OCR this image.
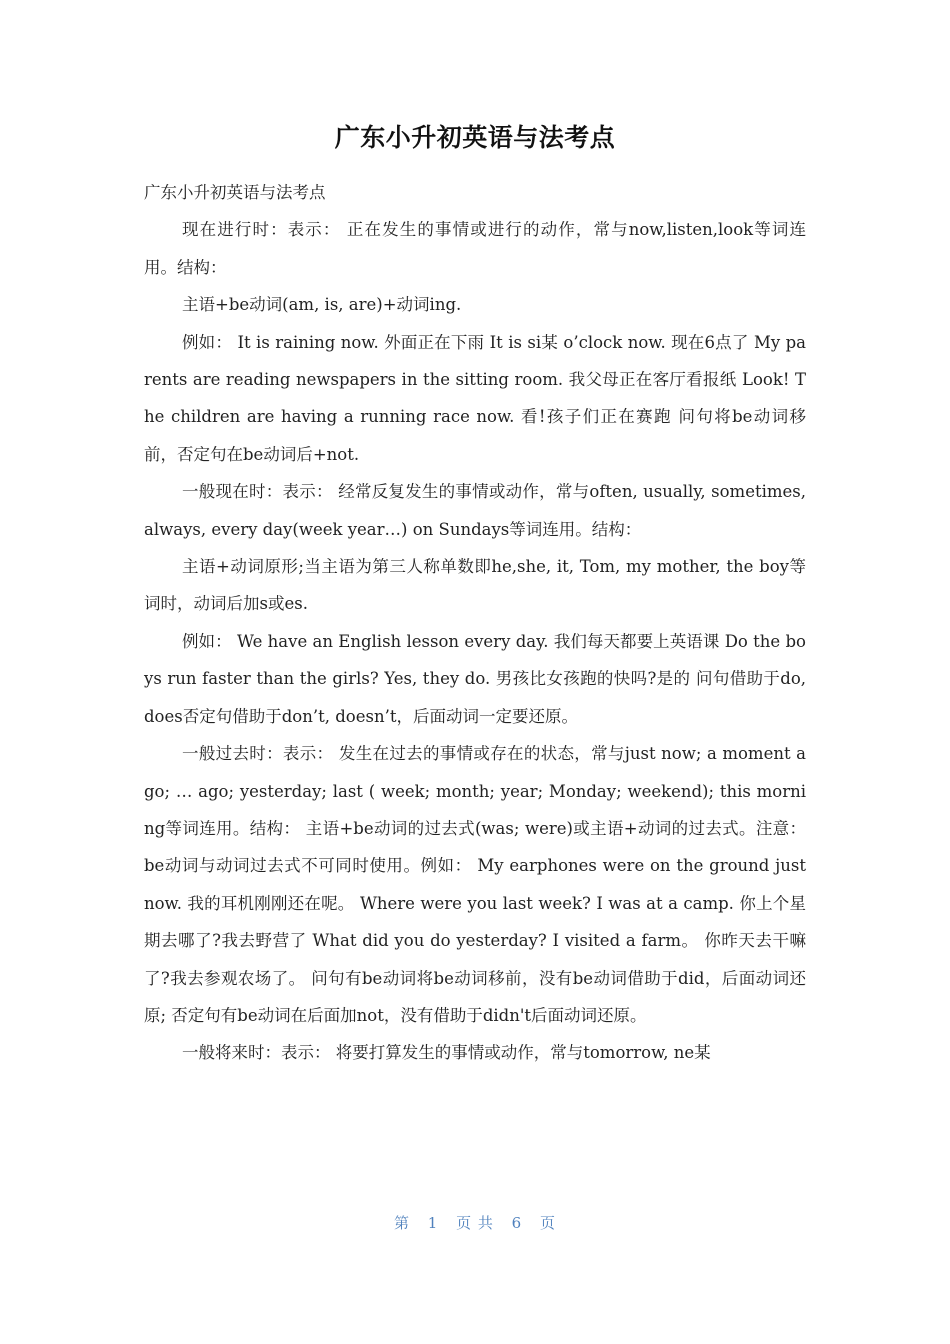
广东小升初英语与法考点

广东小升初英语与法考点

现在进行时：表示： 正在发生的事情或进行的动作，常与now,listen,look等词连用。结构：

主语+be动词(am, is, are)+动词ing.

例如： It is raining now. 外面正在下雨 It is si某 o’clock now. 现在6点了 My parents are reading newspapers in the sitting room. 我父母正在客厅看报纸 Look! The children are having a running race now. 看!孩子们正在赛跑 问句将be动词移前，否定句在be动词后+not.

一般现在时：表示： 经常反复发生的事情或动作，常与often, usually, sometimes, always, every day(week year…) on Sundays等词连用。结构：

主语+动词原形;当主语为第三人称单数即he,she, it, Tom, my mother, the boy等词时，动词后加s或es.

例如： We have an English lesson every day. 我们每天都要上英语课 Do the boys run faster than the girls? Yes, they do. 男孩比女孩跑的快吗?是的 问句借助于do, does否定句借助于don’t, doesn’t，后面动词一定要还原。

一般过去时：表示： 发生在过去的事情或存在的状态，常与just now; a moment ago; … ago; yesterday; last ( week; month; year; Monday; weekend); this morning等词连用。结构： 主语+be动词的过去式(was; were)或主语+动词的过去式。注意： be动词与动词过去式不可同时使用。例如： My earphones were on the ground just now. 我的耳机刚刚还在呢。 Where were you last week? I was at a camp. 你上个星期去哪了?我去野营了 What did you do yesterday? I visited a farm。 你昨天去干嘛了?我去参观农场了。 问句有be动词将be动词移前，没有be动词借助于did，后面动词还原; 否定句有be动词在后面加not，没有借助于didn't后面动词还原。

一般将来时：表示： 将要打算发生的事情或动作，常与tomorrow, ne某

第 1 页 共 6 页
